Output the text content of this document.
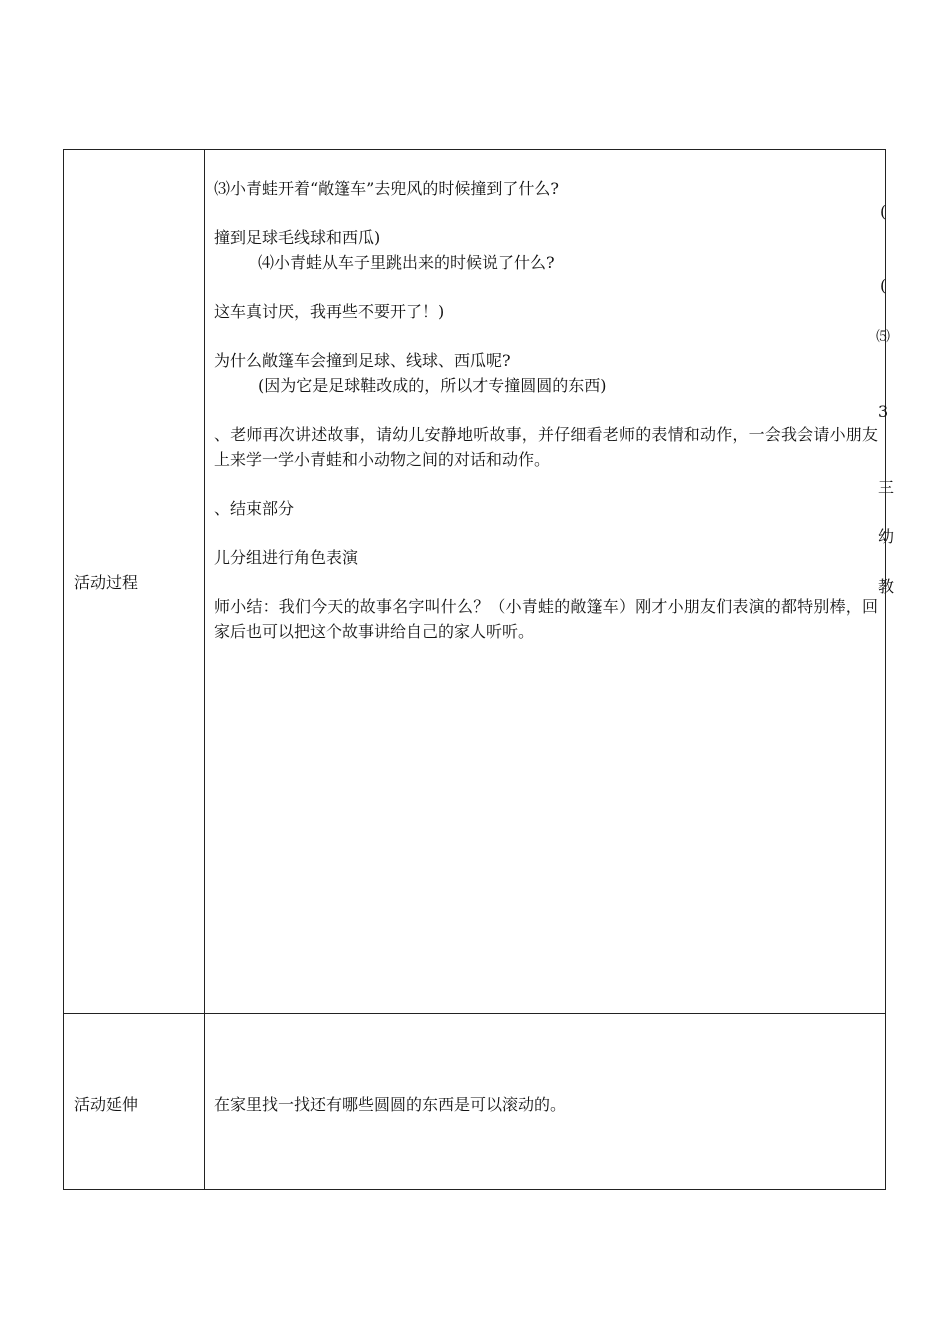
活动过程
⑶小青蛙开着“敞篷车”去兜风的时候撞到了什么?
撞到足球毛线球和西瓜)
⑷小青蛙从车子里跳出来的时候说了什么?
这车真讨厌，我再些不要开了！)
为什么敞篷车会撞到足球、线球、西瓜呢?
(因为它是足球鞋改成的，所以才专撞圆圆的东西)
、老师再次讲述故事，请幼儿安静地听故事，并仔细看老师的表情和动作，一会我会请小朋友上来学一学小青蛙和小动物之间的对话和动作。
、结束部分
儿分组进行角色表演
师小结：我们今天的故事名字叫什么？（小青蛙的敞篷车）刚才小朋友们表演的都特别棒，回家后也可以把这个故事讲给自己的家人听听。
活动延伸	在家里找一找还有哪些圆圆的东西是可以滚动的。
(
(
⑸
3
三
幼
教
